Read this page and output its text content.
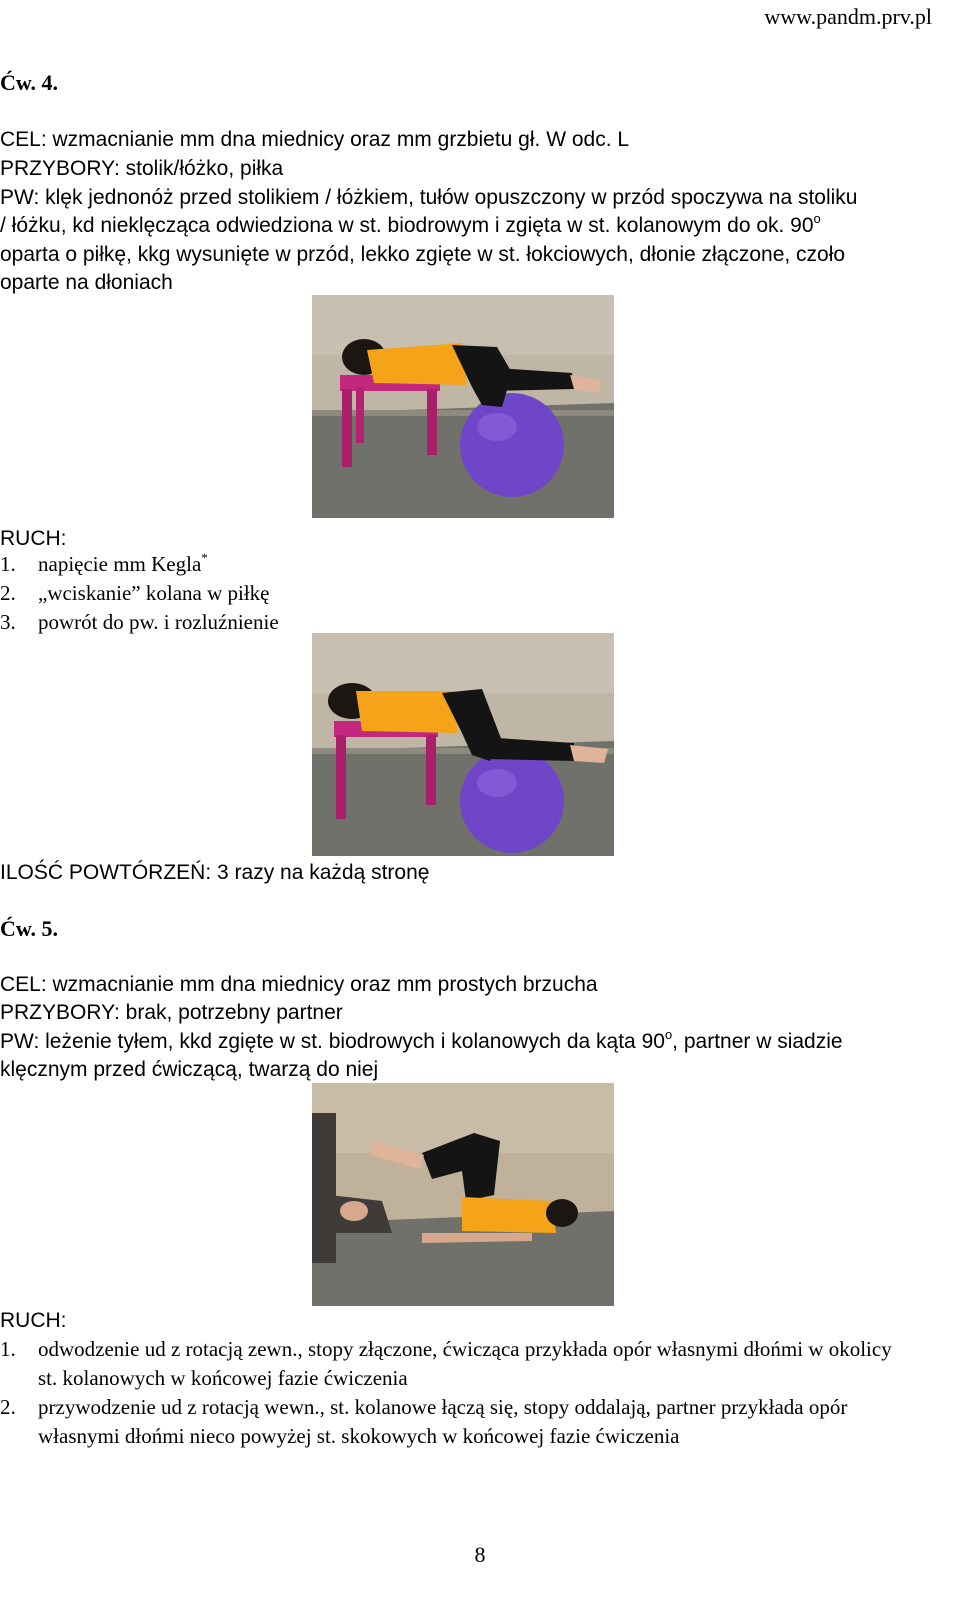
www.pandm.prv.pl
Ćw. 4.
CEL: wzmacnianie mm dna miednicy oraz mm grzbietu gł. W odc. L
PRZYBORY: stolik/łóżko, piłka
PW: klęk jednonóż przed stolikiem / łóżkiem, tułów opuszczony w przód spoczywa na stoliku
/ łóżku, kd nieklęcząca odwiedziona w st. biodrowym i zgięta w st. kolanowym do ok. 90$^o$
oparta o piłkę, kkg wysunięte w przód, lekko zgięte w st. łokciowych, dłonie złączone, czoło
oparte na dłoniach
RUCH:
1.	napięcie mm Kegla*
2.	„wciskanie” kolana w piłkę
3.	powrót do pw. i rozluźnienie
ILOŚĆ POWTÓRZEŃ: 3 razy na każdą stronę
Ćw. 5.
CEL: wzmacnianie mm dna miednicy oraz mm prostych brzucha
PRZYBORY: brak, potrzebny partner
PW: leżenie tyłem, kkd zgięte w st. biodrowych i kolanowych da kąta 90$^o$, partner w siadzie
klęcznym przed ćwiczącą, twarzą do niej
RUCH:
1.	odwodzenie ud z rotacją zewn., stopy złączone, ćwicząca przykłada opór własnymi dłońmi w okolicy st. kolanowych w końcowej fazie ćwiczenia
2.	przywodzenie ud z rotacją wewn., st. kolanowe łączą się, stopy oddalają, partner przykłada opór własnymi dłońmi nieco powyżej st. skokowych w końcowej fazie ćwiczenia
8
